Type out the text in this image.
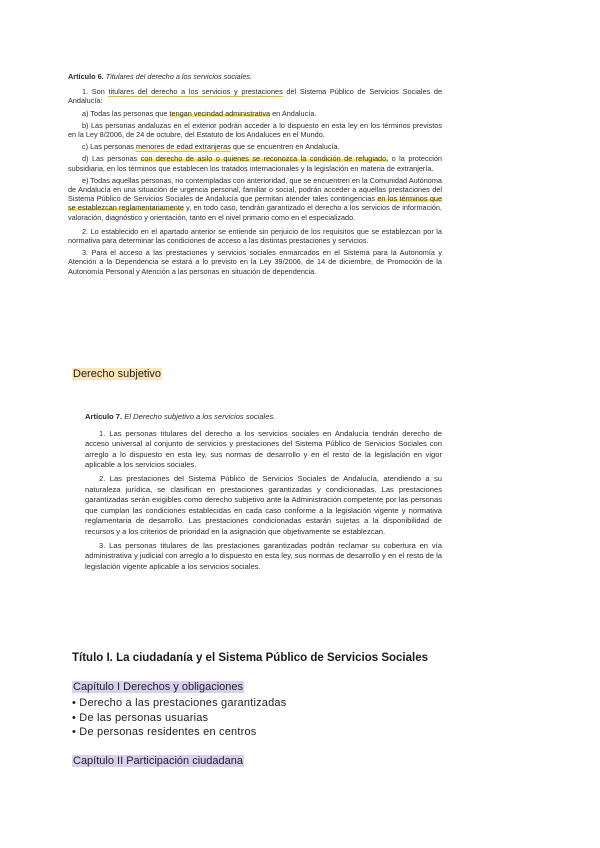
Artículo 6. Titulares del derecho a los servicios sociales.

1. Son titulares del derecho a los servicios y prestaciones del Sistema Público de Servicios Sociales de Andalucía:

a) Todas las personas que tengan vecindad administrativa en Andalucía.

b) Las personas andaluzas en el exterior podrán acceder a lo dispuesto en esta ley en los términos previstos en la Ley 8/2006, de 24 de octubre, del Estatuto de los Andaluces en el Mundo.

c) Las personas menores de edad extranjeras que se encuentren en Andalucía.

d) Las personas con derecho de asilo o quienes se reconozca la condición de refugiado, o la protección subsidiaria, en los términos que establecen los tratados internacionales y la legislación en materia de extranjería.

e) Todas aquellas personas, no contempladas con anterioridad, que se encuentren en la Comunidad Autónoma de Andalucía en una situación de urgencia personal, familiar o social, podrán acceder a aquellas prestaciones del Sistema Público de Servicios Sociales de Andalucía que permitan atender tales contingencias en los términos que se establezcan reglamentariamente y, en todo caso, tendrán garantizado el derecho a los servicios de información, valoración, diagnóstico y orientación, tanto en el nivel primario como en el especializado.

2. Lo establecido en el apartado anterior se entiende sin perjuicio de los requisitos que se establezcan por la normativa para determinar las condiciones de acceso a las distintas prestaciones y servicios.

3. Para el acceso a las prestaciones y servicios sociales enmarcados en el Sistema para la Autonomía y Atención a la Dependencia se estará a lo previsto en la Ley 39/2006, de 14 de diciembre, de Promoción de la Autonomía Personal y Atención a las personas en situación de dependencia.

Derecho subjetivo
Artículo 7. El Derecho subjetivo a los servicios sociales.

1. Las personas titulares del derecho a los servicios sociales en Andalucía tendrán derecho de acceso universal al conjunto de servicios y prestaciones del Sistema Público de Servicios Sociales con arreglo a lo dispuesto en esta ley, sus normas de desarrollo y en el resto de la legislación en vigor aplicable a los servicios sociales.

2. Las prestaciones del Sistema Público de Servicios Sociales de Andalucía, atendiendo a su naturaleza jurídica, se clasifican en prestaciones garantizadas y condicionadas. Las prestaciones garantizadas serán exigibles como derecho subjetivo ante la Administración competente por las personas que cumplan las condiciones establecidas en cada caso conforme a la legislación vigente y normativa reglamentaria de desarrollo. Las prestaciones condicionadas estarán sujetas a la disponibilidad de recursos y a los criterios de prioridad en la asignación que objetivamente se establezcan.

3. Las personas titulares de las prestaciones garantizadas podrán reclamar su cobertura en vía administrativa y judicial con arreglo a lo dispuesto en esta ley, sus normas de desarrollo y en el resto de la legislación vigente aplicable a los servicios sociales.

Título I. La ciudadanía y el Sistema Público de Servicios Sociales
Capítulo I Derechos y obligaciones
• Derecho a las prestaciones garantizadas
• De las personas usuarias
• De personas residentes en centros
Capítulo II Participación ciudadana
